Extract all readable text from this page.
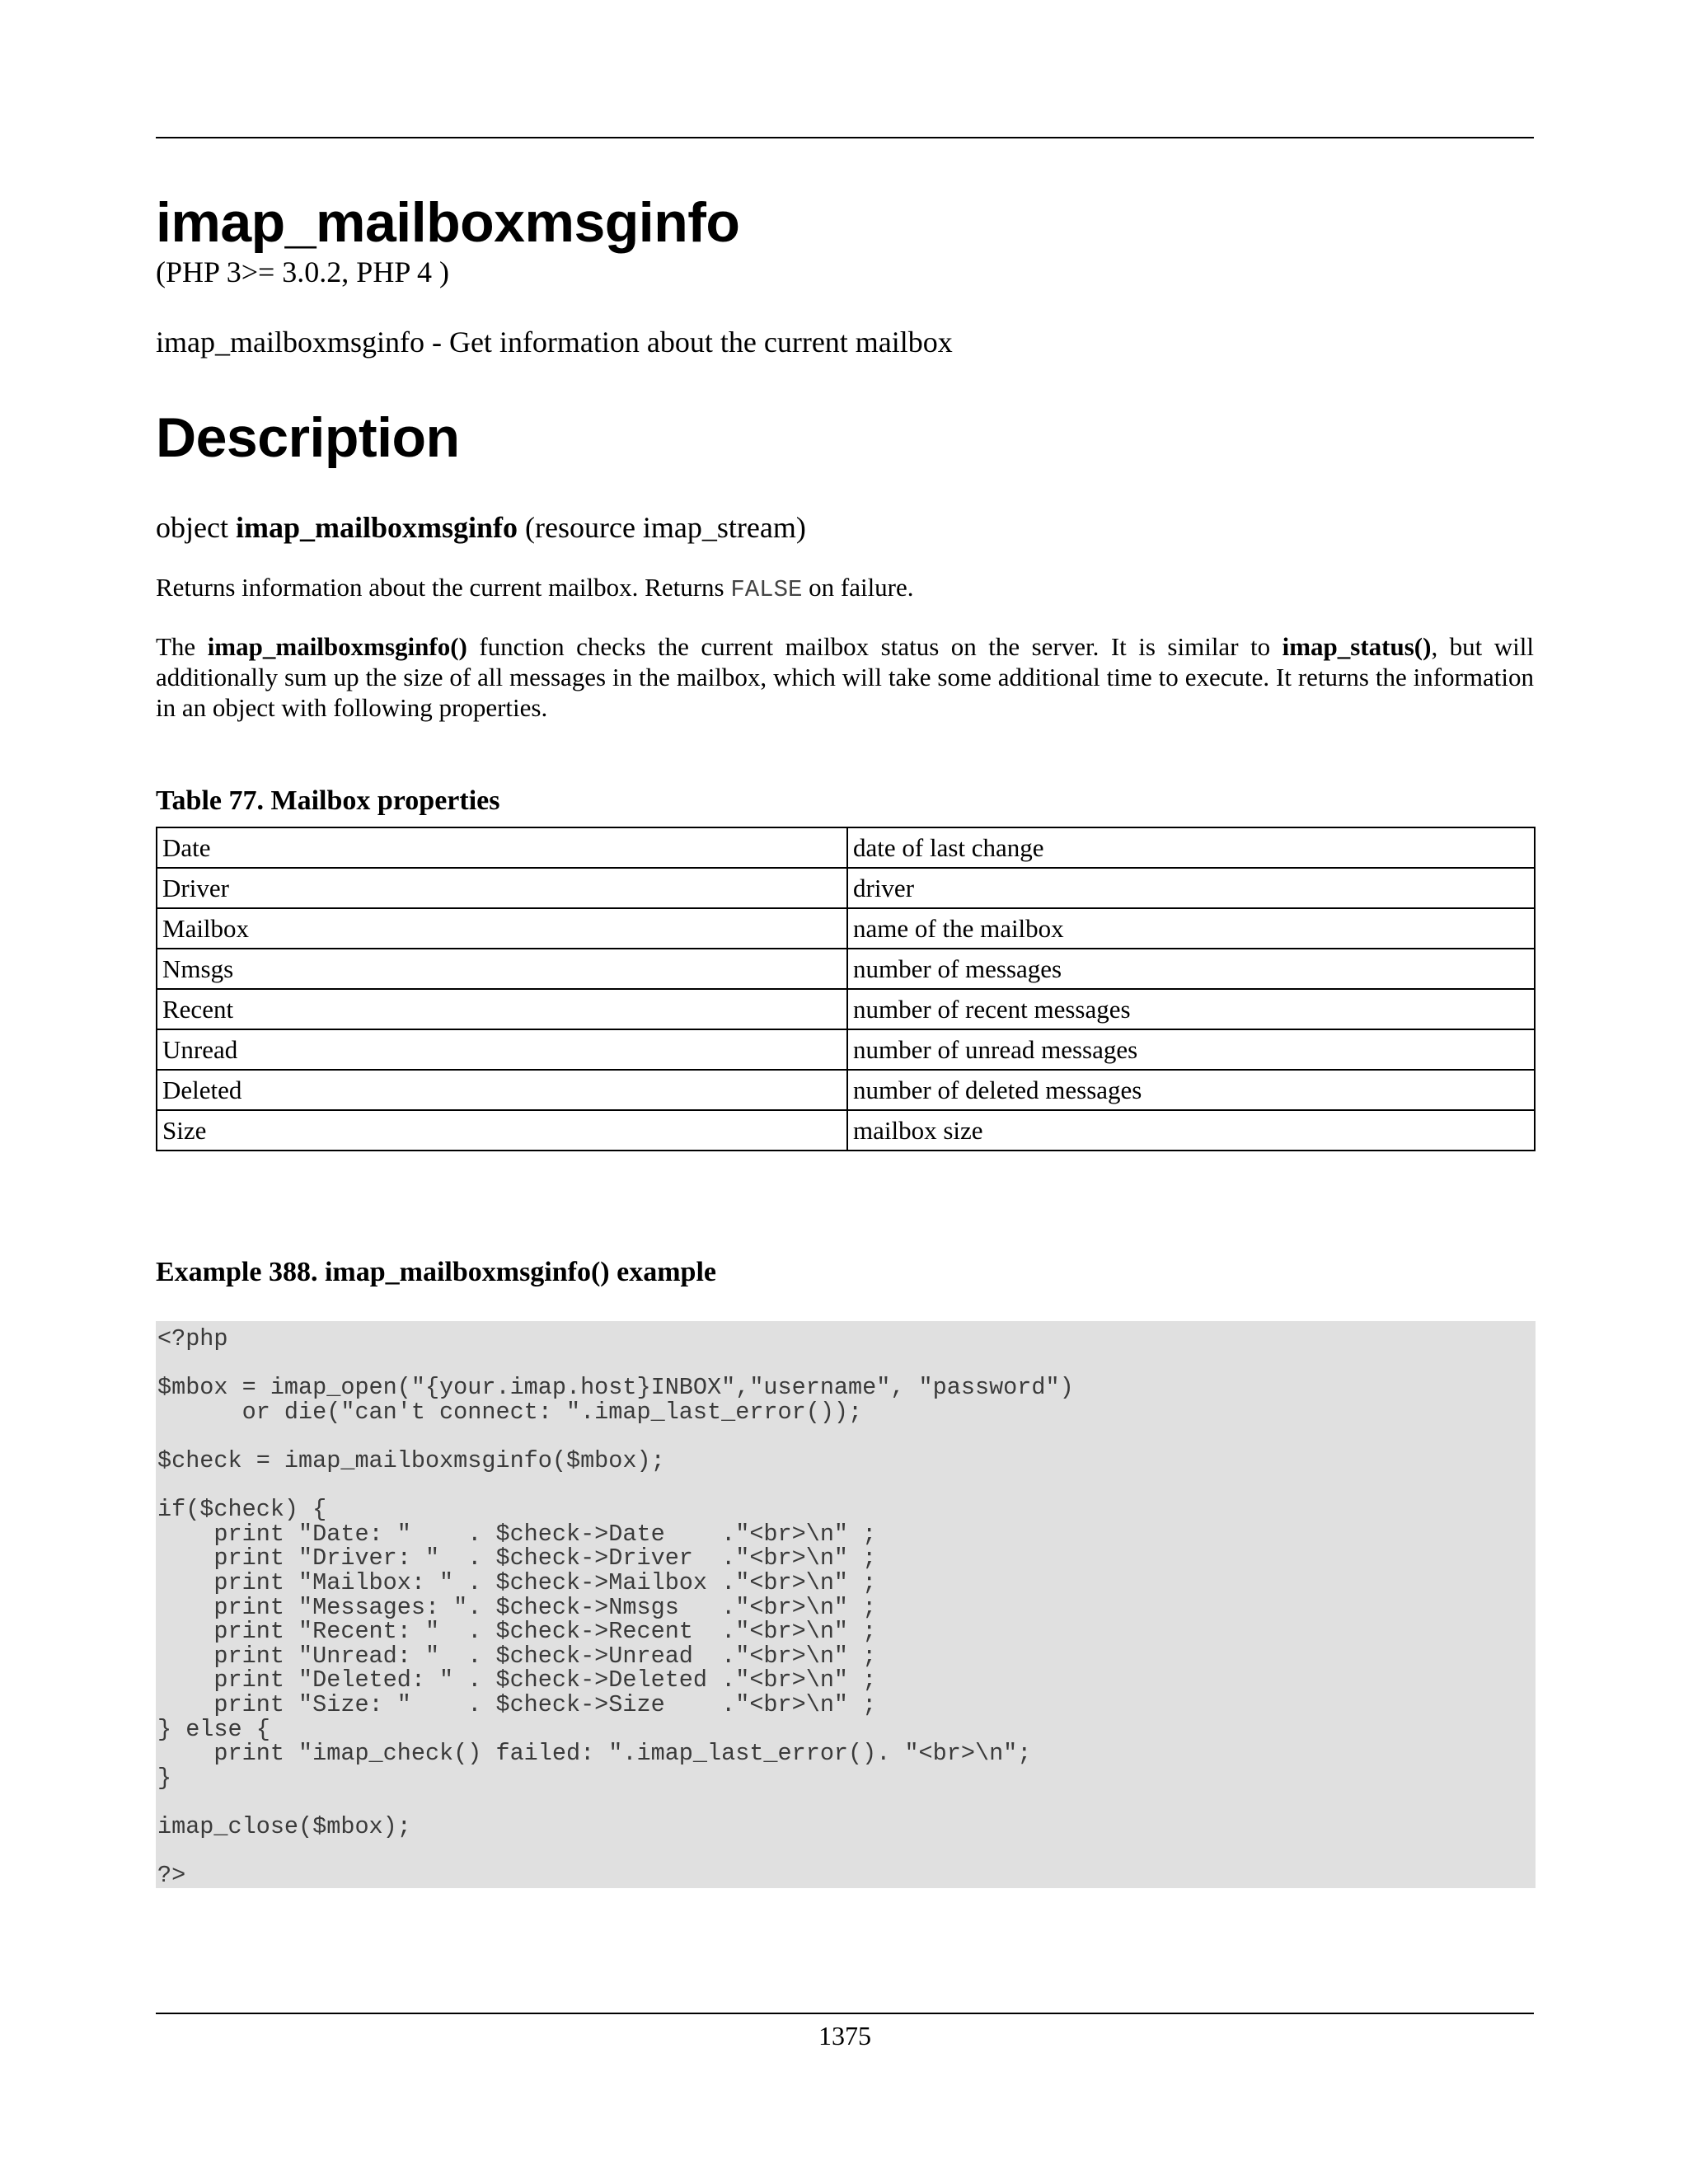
imap_mailboxmsginfo
(PHP 3>= 3.0.2, PHP 4 )
imap_mailboxmsginfo - Get information about the current mailbox
Description
object imap_mailboxmsginfo (resource imap_stream)
Returns information about the current mailbox. Returns FALSE on failure.
The imap_mailboxmsginfo() function checks the current mailbox status on the server. It is similar to imap_status(), but will additionally sum up the size of all messages in the mailbox, which will take some additional time to execute. It returns the information in an object with following properties.
Table 77. Mailbox properties
Date	date of last change
Driver	driver
Mailbox	name of the mailbox
Nmsgs	number of messages
Recent	number of recent messages
Unread	number of unread messages
Deleted	number of deleted messages
Size	mailbox size
Example 388. imap_mailboxmsginfo() example
<?php
$mbox = imap_open("{your.imap.host}INBOX","username", "password")
or die("can't connect: ".imap_last_error());
$check = imap_mailboxmsginfo($mbox);
if($check) {
print "Date: "    . $check->Date    ."<br>\n" ;
print "Driver: "  . $check->Driver  ."<br>\n" ;
print "Mailbox: " . $check->Mailbox ."<br>\n" ;
print "Messages: ". $check->Nmsgs   ."<br>\n" ;
print "Recent: "  . $check->Recent  ."<br>\n" ;
print "Unread: "  . $check->Unread  ."<br>\n" ;
print "Deleted: " . $check->Deleted ."<br>\n" ;
print "Size: "    . $check->Size    ."<br>\n" ;
} else {
print "imap_check() failed: ".imap_last_error(). "<br>\n";
}
imap_close($mbox);
?>
1375
